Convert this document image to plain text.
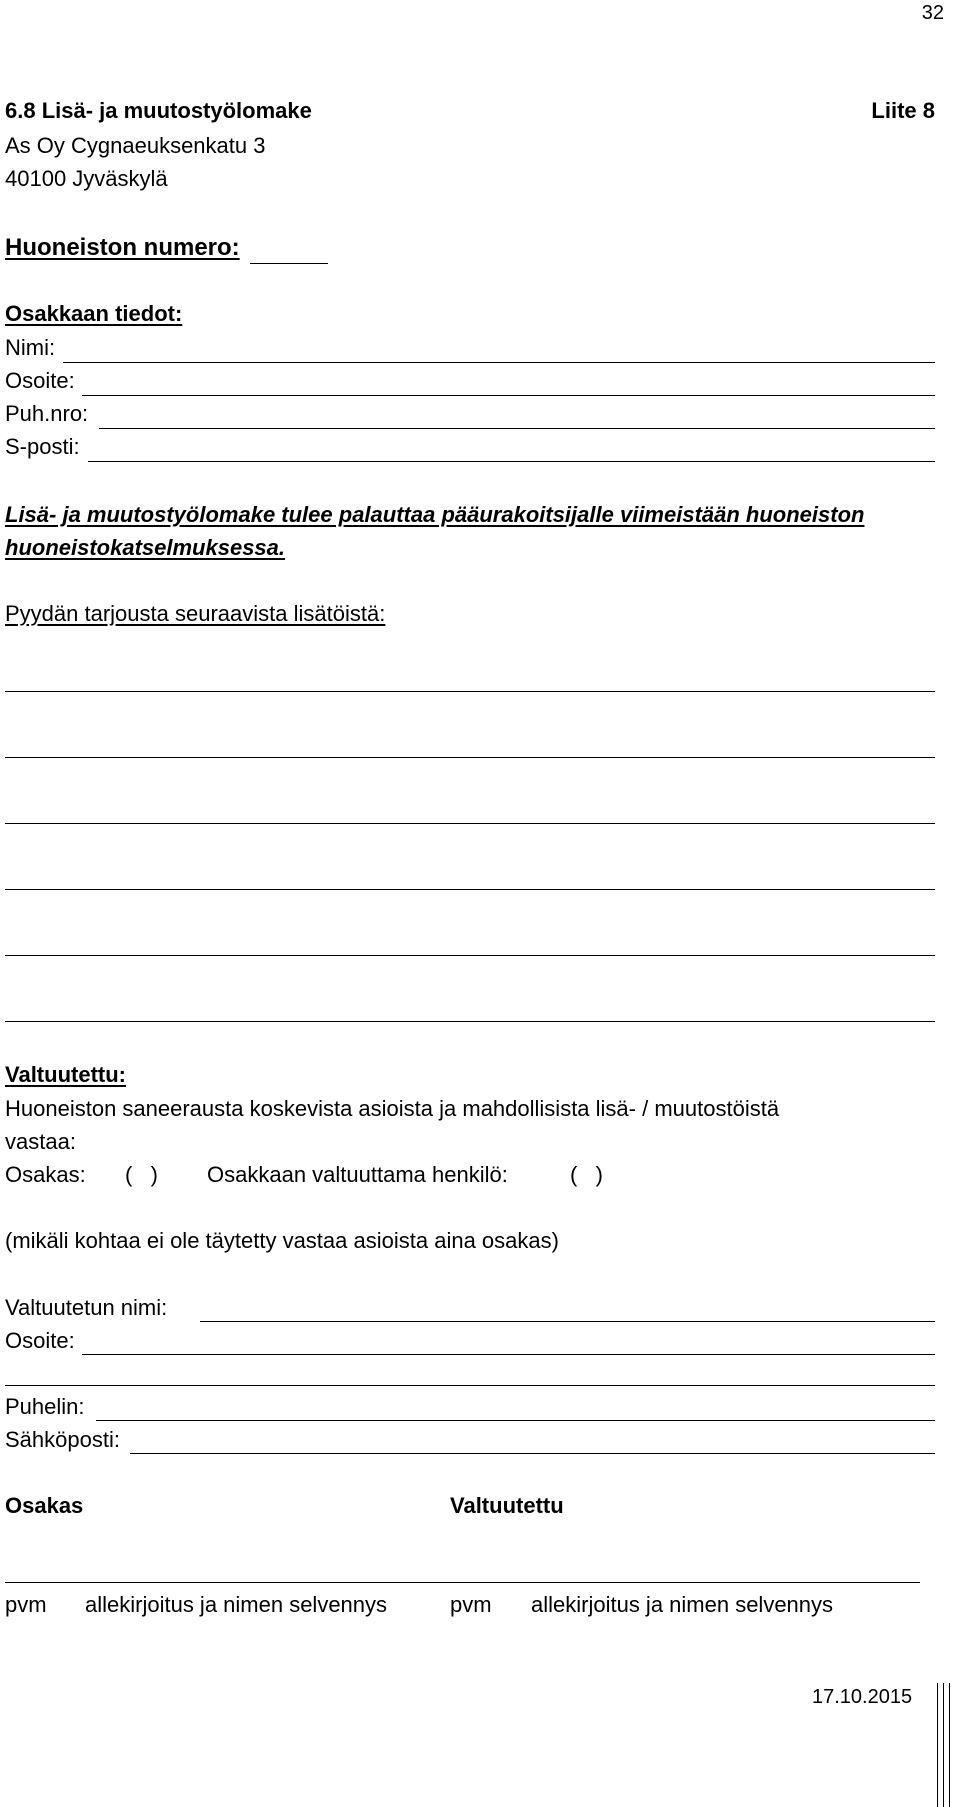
32
6.8 Lisä- ja muutostyölomake	Liite 8
As Oy Cygnaeuksenkatu 3
40100 Jyväskylä
Huoneiston numero:
Osakkaan tiedot:
Nimi:
Osoite:
Puh.nro:
S-posti:
Lisä- ja muutostyölomake tulee palauttaa pääurakoitsijalle viimeistään huoneiston
huoneistokatselmuksessa.
Pyydän tarjousta seuraavista lisätöistä:
Valtuutettu:
Huoneiston saneerausta koskevista asioista ja mahdollisista lisä- / muutostöistä
vastaa:
Osakas: (   ) Osakkaan valtuuttama henkilö:	(   )
(mikäli kohtaa ei ole täytetty vastaa asioista aina osakas)
Valtuutetun nimi:
Osoite:
Puhelin:
Sähköposti:
Osakas	Valtuutettu
pvm allekirjoitus ja nimen selvennys	pvm allekirjoitus ja nimen selvennys
17.10.2015
